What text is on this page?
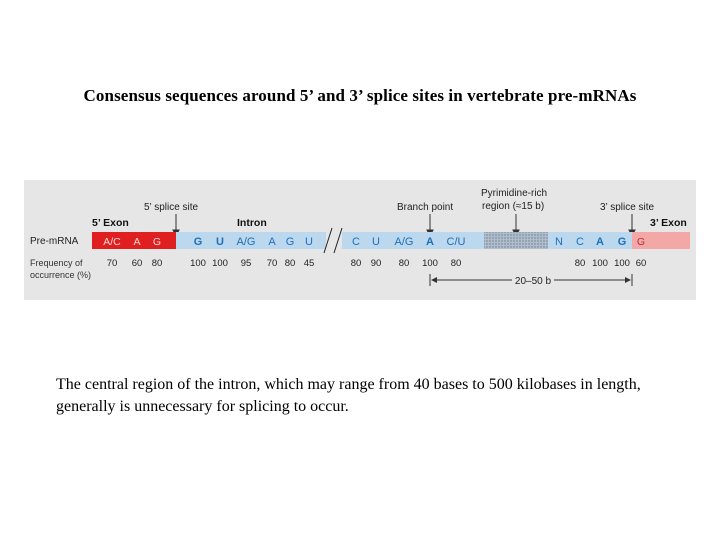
Consensus sequences around 5’ and 3’ splice sites in vertebrate pre-mRNAs
5’ splice site
5’ Exon	Intron
Branch point
Pyrimidine-rich
region (≈15 b)	3’ splice site
3’ Exon
Pre-mRNA A/C A G	G U A/G A G U	C U A/G A C/U	N C A G G
Frequency of
occurrence (%)
70 60 80	100 100 95 70 80 45	80 90 80 100 80	80 100 100 60
20–50 b
The central region of the intron, which may range from 40 bases to 500 kilobases in length, generally is unnecessary for splicing to occur.
